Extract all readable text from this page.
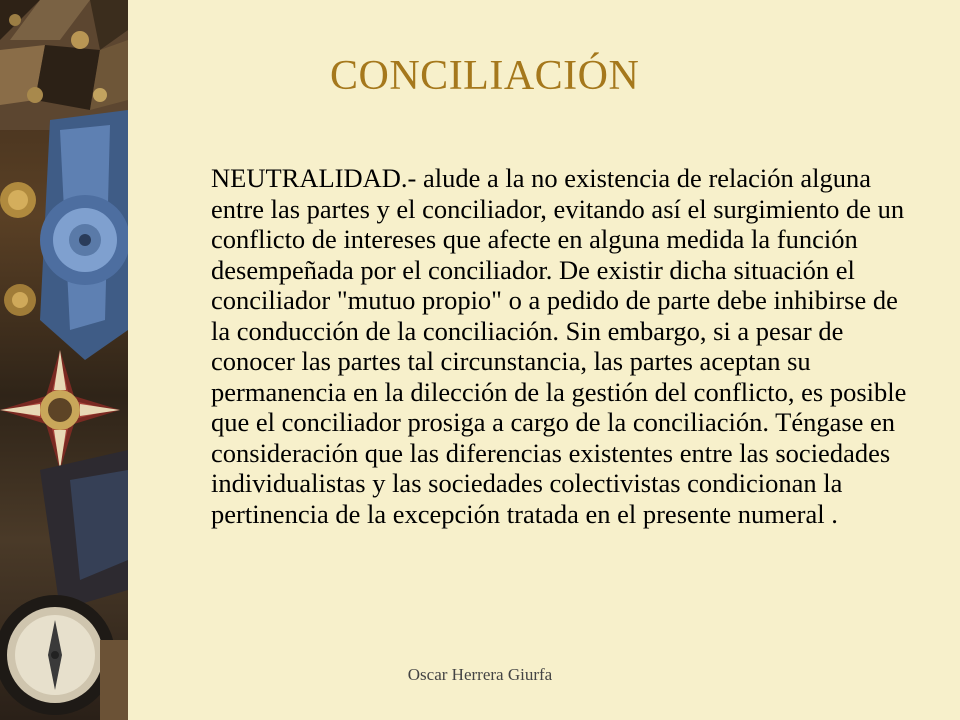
CONCILIACIÓN

NEUTRALIDAD.- alude a la no existencia de relación alguna entre las partes y el conciliador, evitando así el surgimiento de un conflicto de intereses que afecte en alguna medida la función desempeñada por el conciliador. De existir dicha situación el conciliador "mutuo propio" o a pedido de parte debe inhibirse de la conducción de la conciliación. Sin embargo, si a pesar de conocer las partes tal circunstancia, las partes aceptan su permanencia en la dilección de la gestión del conflicto, es posible que el conciliador prosiga a cargo de la conciliación. Téngase en consideración que las diferencias existentes entre las sociedades individualistas y las sociedades colectivistas condicionan la pertinencia de la excepción tratada en el presente numeral .

Oscar Herrera Giurfa
